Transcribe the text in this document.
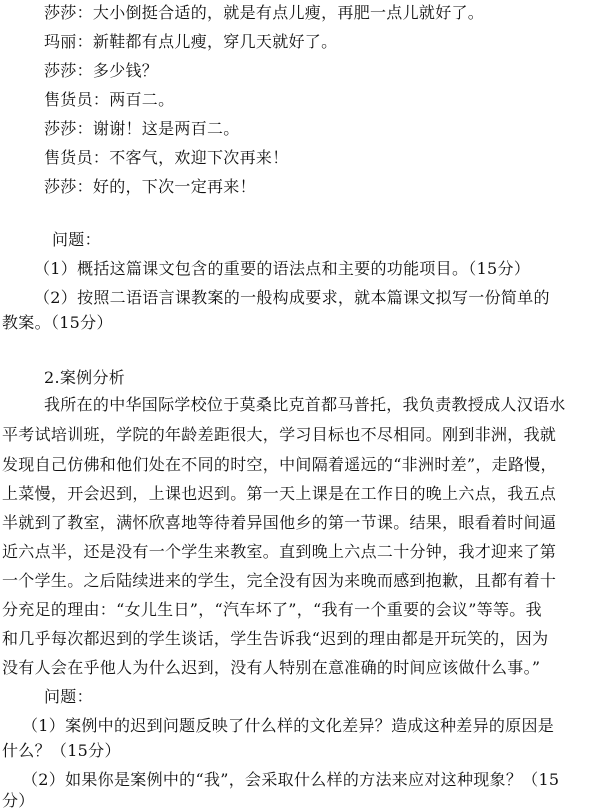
莎莎：大小倒挺合适的，就是有点儿瘦，再肥一点儿就好了。
玛丽：新鞋都有点儿瘦，穿几天就好了。
莎莎：多少钱？
售货员：两百二。
莎莎：谢谢！这是两百二。
售货员：不客气，欢迎下次再来！
莎莎：好的，下次一定再来！
问题：
（1）概括这篇课文包含的重要的语法点和主要的功能项目。（15分）
（2）按照二语语言课教案的一般构成要求，就本篇课文拟写一份简单的
教案。（15分）
2.案例分析
我所在的中华国际学校位于莫桑比克首都马普托，我负责教授成人汉语水
平考试培训班，学院的年龄差距很大，学习目标也不尽相同。刚到非洲，我就
发现自己仿佛和他们处在不同的时空，中间隔着遥远的“非洲时差”，走路慢，
上菜慢，开会迟到，上课也迟到。第一天上课是在工作日的晚上六点，我五点
半就到了教室，满怀欣喜地等待着异国他乡的第一节课。结果，眼看着时间逼
近六点半，还是没有一个学生来教室。直到晚上六点二十分钟，我才迎来了第
一个学生。之后陆续进来的学生，完全没有因为来晚而感到抱歉，且都有着十
分充足的理由：“女儿生日”，“汽车坏了”，“我有一个重要的会议”等等。我
和几乎每次都迟到的学生谈话，学生告诉我“迟到的理由都是开玩笑的，因为
没有人会在乎他人为什么迟到，没有人特别在意准确的时间应该做什么事。”
问题：
（1）案例中的迟到问题反映了什么样的文化差异？造成这种差异的原因是
什么？（15分）
（2）如果你是案例中的“我”，会采取什么样的方法来应对这种现象？（15
分）
